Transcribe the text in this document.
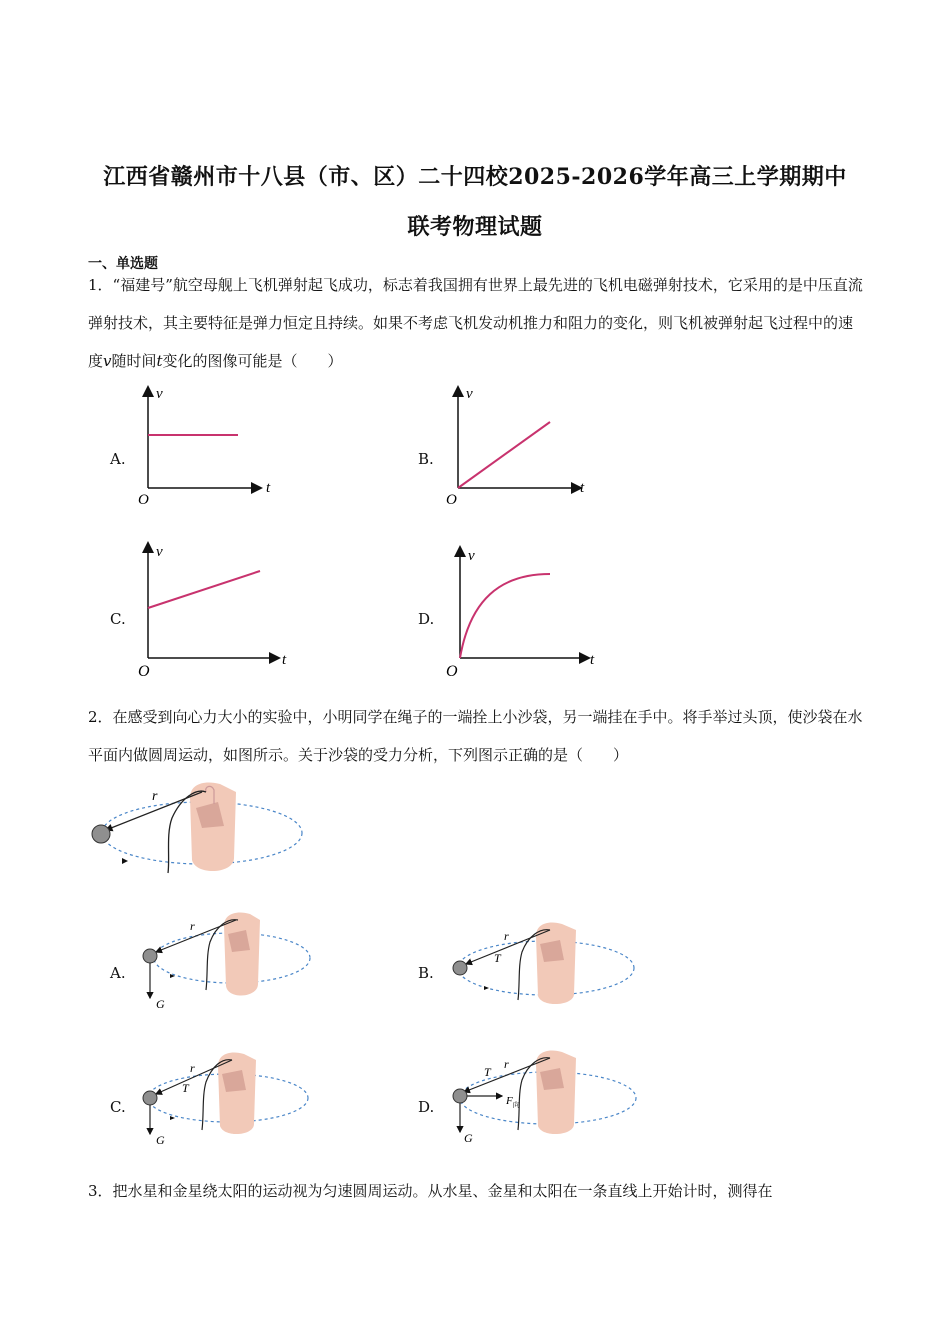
江西省赣州市十八县（市、区）二十四校2025-2026学年高三上学期期中
联考物理试题
一、单选题
1．“福建号”航空母舰上飞机弹射起飞成功，标志着我国拥有世界上最先进的飞机电磁弹射技术，它采用的是中压直流弹射技术，其主要特征是弹力恒定且持续。如果不考虑飞机发动机推力和阻力的变化，则飞机被弹射起飞过程中的速度v随时间t变化的图像可能是（　　）
A.	B.
C.	D.
v
t
O
v
t
O
v
t
O
v
t
O
2．在感受到向心力大小的实验中，小明同学在绳子的一端拴上小沙袋，另一端挂在手中。将手举过头顶，使沙袋在水平面内做圆周运动，如图所示。关于沙袋的受力分析，下列图示正确的是（　　）
r
A.	B.
C.	D.
r
G
r
T
r
T
G
r
T
$F_向$
G
3．把水星和金星绕太阳的运动视为匀速圆周运动。从水星、金星和太阳在一条直线上开始计时，测得在
